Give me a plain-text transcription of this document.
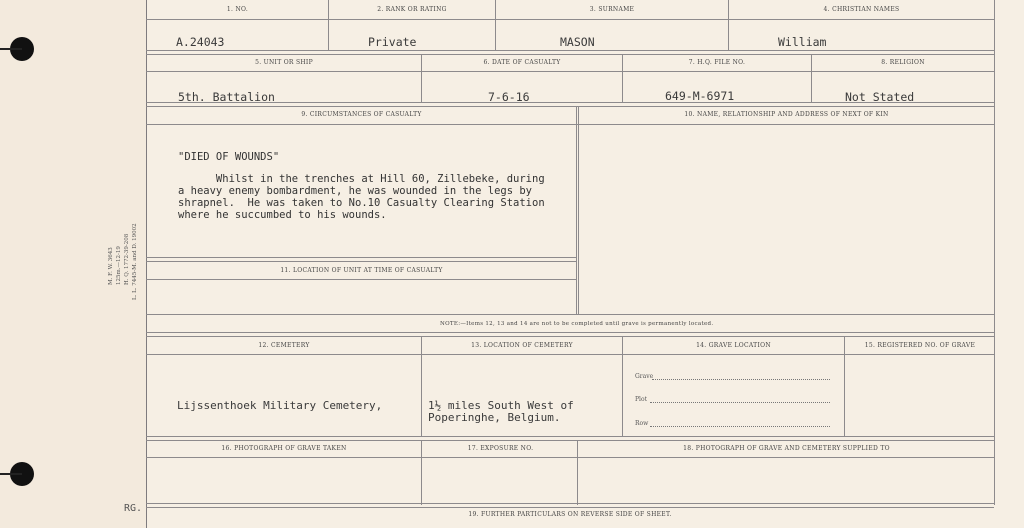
M. F. W. 3643 125m.—12-19 H. Q. 1772-39-208 L. L. 7445-M. and D. 19002
RG.
1. NO.	2. RANK OR RATING	3. SURNAME	4. CHRISTIAN NAMES
A.24043	Private	MASON	William
5. UNIT OR SHIP	6. DATE OF CASUALTY	7. H.Q. FILE NO.	8. RELIGION
5th. Battalion	7-6-16	649-M-6971	Not Stated
9. CIRCUMSTANCES OF CASUALTY	10. NAME, RELATIONSHIP AND ADDRESS OF NEXT OF KIN
"DIED OF WOUNDS"
Whilst in the trenches at Hill 60, Zillebeke, during
a heavy enemy bombardment, he was wounded in the legs by
shrapnel.  He was taken to No.10 Casualty Clearing Station
where he succumbed to his wounds.
11. LOCATION OF UNIT AT TIME OF CASUALTY
NOTE:—Items 12, 13 and 14 are not to be completed until grave is permanently located.
12. CEMETERY	13. LOCATION OF CEMETERY	14. GRAVE LOCATION	15. REGISTERED NO. OF GRAVE
Lijssenthoek Military Cemetery,	1½ miles South West of
Poperinghe, Belgium.
Grave
Plot
Row
16. PHOTOGRAPH OF GRAVE TAKEN	17. EXPOSURE NO.	18. PHOTOGRAPH OF GRAVE AND CEMETERY SUPPLIED TO
19. FURTHER PARTICULARS ON REVERSE SIDE OF SHEET.
